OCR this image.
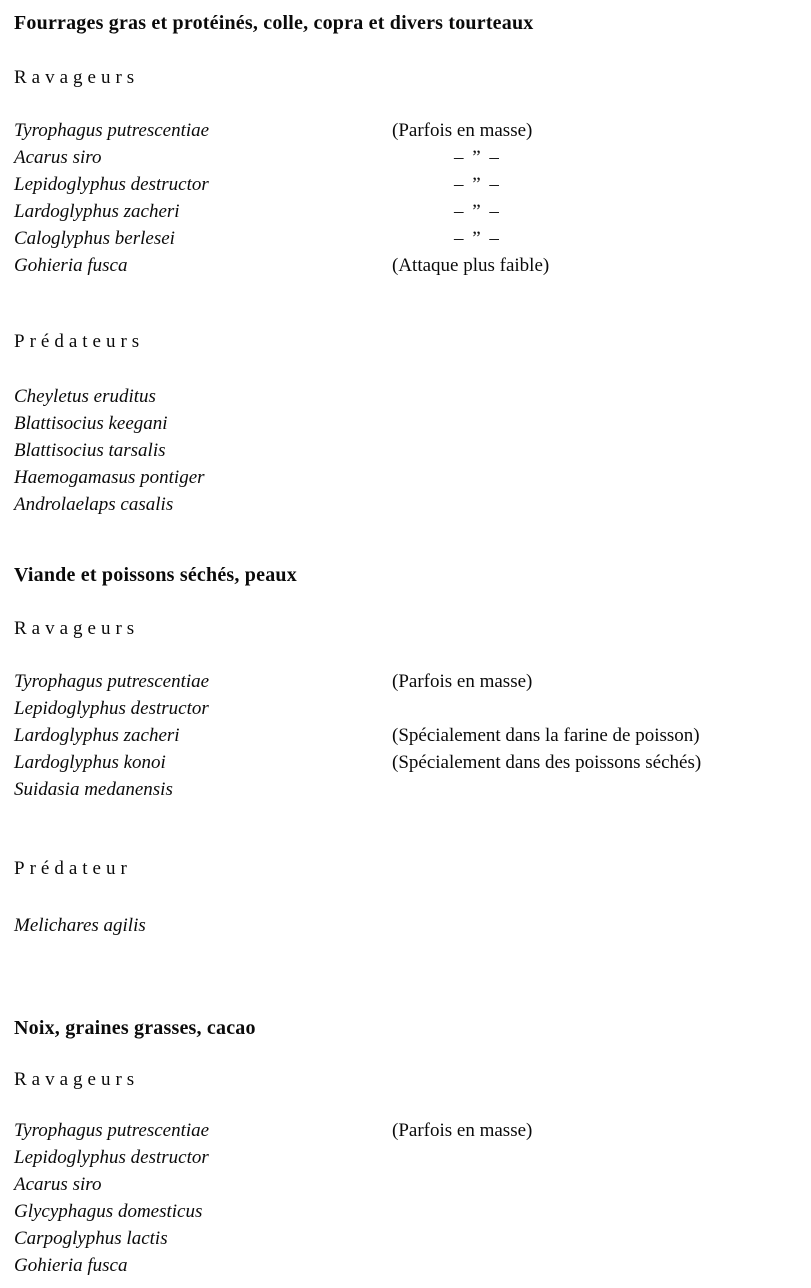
Fourrages gras et protéinés, colle, copra et divers tourteaux
Ravageurs
Tyrophagus putrescentiae	(Parfois en masse)
Acarus siro	– ” –
Lepidoglyphus destructor	– ” –
Lardoglyphus zacheri	– ” –
Caloglyphus berlesei	– ” –
Gohieria fusca	(Attaque plus faible)
Prédateurs
Cheyletus eruditus
Blattisocius keegani
Blattisocius tarsalis
Haemogamasus pontiger
Androlaelaps casalis
Viande et poissons séchés, peaux
Ravageurs
Tyrophagus putrescentiae	(Parfois en masse)
Lepidoglyphus destructor
Lardoglyphus zacheri	(Spécialement dans la farine de poisson)
Lardoglyphus konoi	(Spécialement dans des poissons séchés)
Suidasia medanensis
Prédateur
Melichares agilis
Noix, graines grasses, cacao
Ravageurs
Tyrophagus putrescentiae	(Parfois en masse)
Lepidoglyphus destructor
Acarus siro
Glycyphagus domesticus
Carpoglyphus lactis
Gohieria fusca
